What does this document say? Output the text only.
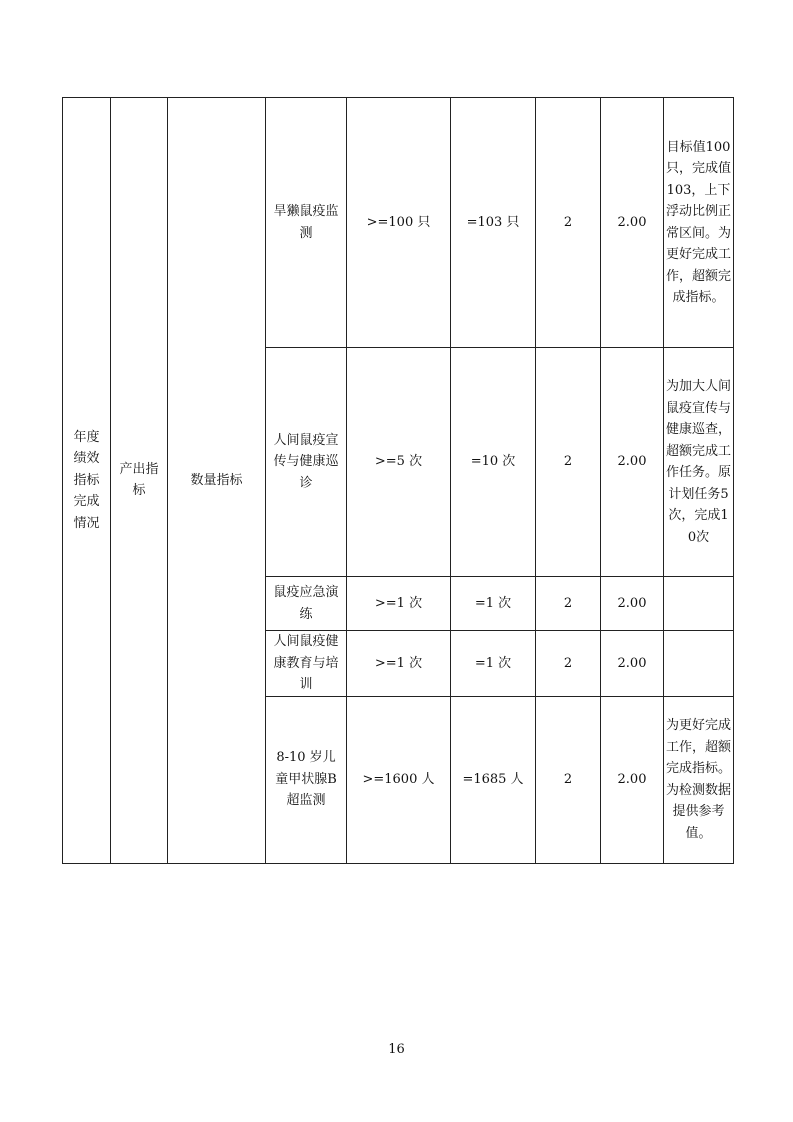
年度绩效指标完成情况	产出指标	数量指标	旱獭鼠疫监测	>=100 只	=103 只	2	2.00	目标值100只，完成值103，上下浮动比例正常区间。为更好完成工作，超额完成指标。
			人间鼠疫宣传与健康巡诊	>=5 次	=10 次	2	2.00	为加大人间鼠疫宣传与健康巡查，超额完成工作任务。原计划任务5次，完成10次
			鼠疫应急演练	>=1 次	=1 次	2	2.00	
			人间鼠疫健康教育与培训	>=1 次	=1 次	2	2.00	
			8-10 岁儿童甲状腺B超监测	>=1600 人	=1685 人	2	2.00	为更好完成工作，超额完成指标。为检测数据提供参考值。
16
